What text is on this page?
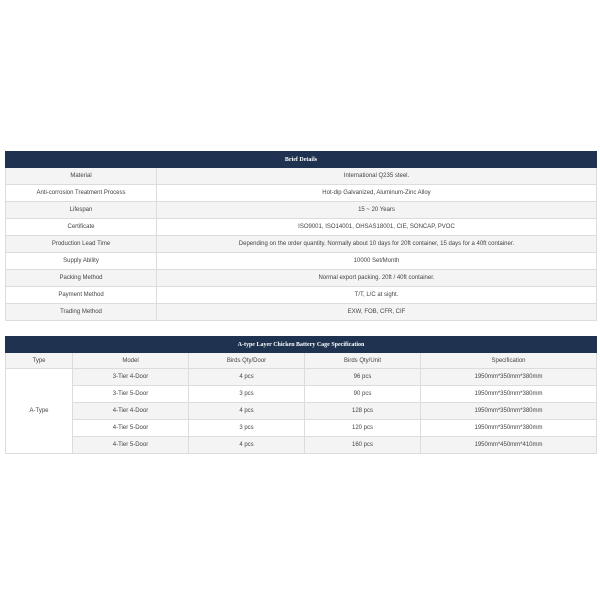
Brief Details	
Material	International Q235 steel.
Anti-corrosion Treatment Process	Hot-dip Galvanized, Aluminum-Zinc Alloy
Lifespan	15 ~ 20 Years
Certificate	ISO9001, ISO14001, OHSAS18001, CIE, SONCAP, PVOC
Production Lead Time	Depending on the order quantity. Normally about 10 days for 20ft container, 15 days for a 40ft container.
Supply Ability	10000 Set/Month
Packing Method	Normal export packing. 20ft / 40ft container.
Payment Method	T/T, L/C at sight.
Trading Method	EXW, FOB, CFR, CIF
A-type Layer Chicken Battery Cage Specification				
Type	Model	Birds Qty/Door	Birds Qty/Unit	Specification
A-Type	3-Tier 4-Door	4 pcs	96 pcs	1950mm*350mm*380mm
	3-Tier 5-Door	3 pcs	90 pcs	1950mm*350mm*380mm
	4-Tier 4-Door	4 pcs	128 pcs	1950mm*350mm*380mm
	4-Tier 5-Door	3 pcs	120 pcs	1950mm*350mm*380mm
	4-Tier 5-Door	4 pcs	160 pcs	1950mm*450mm*410mm
